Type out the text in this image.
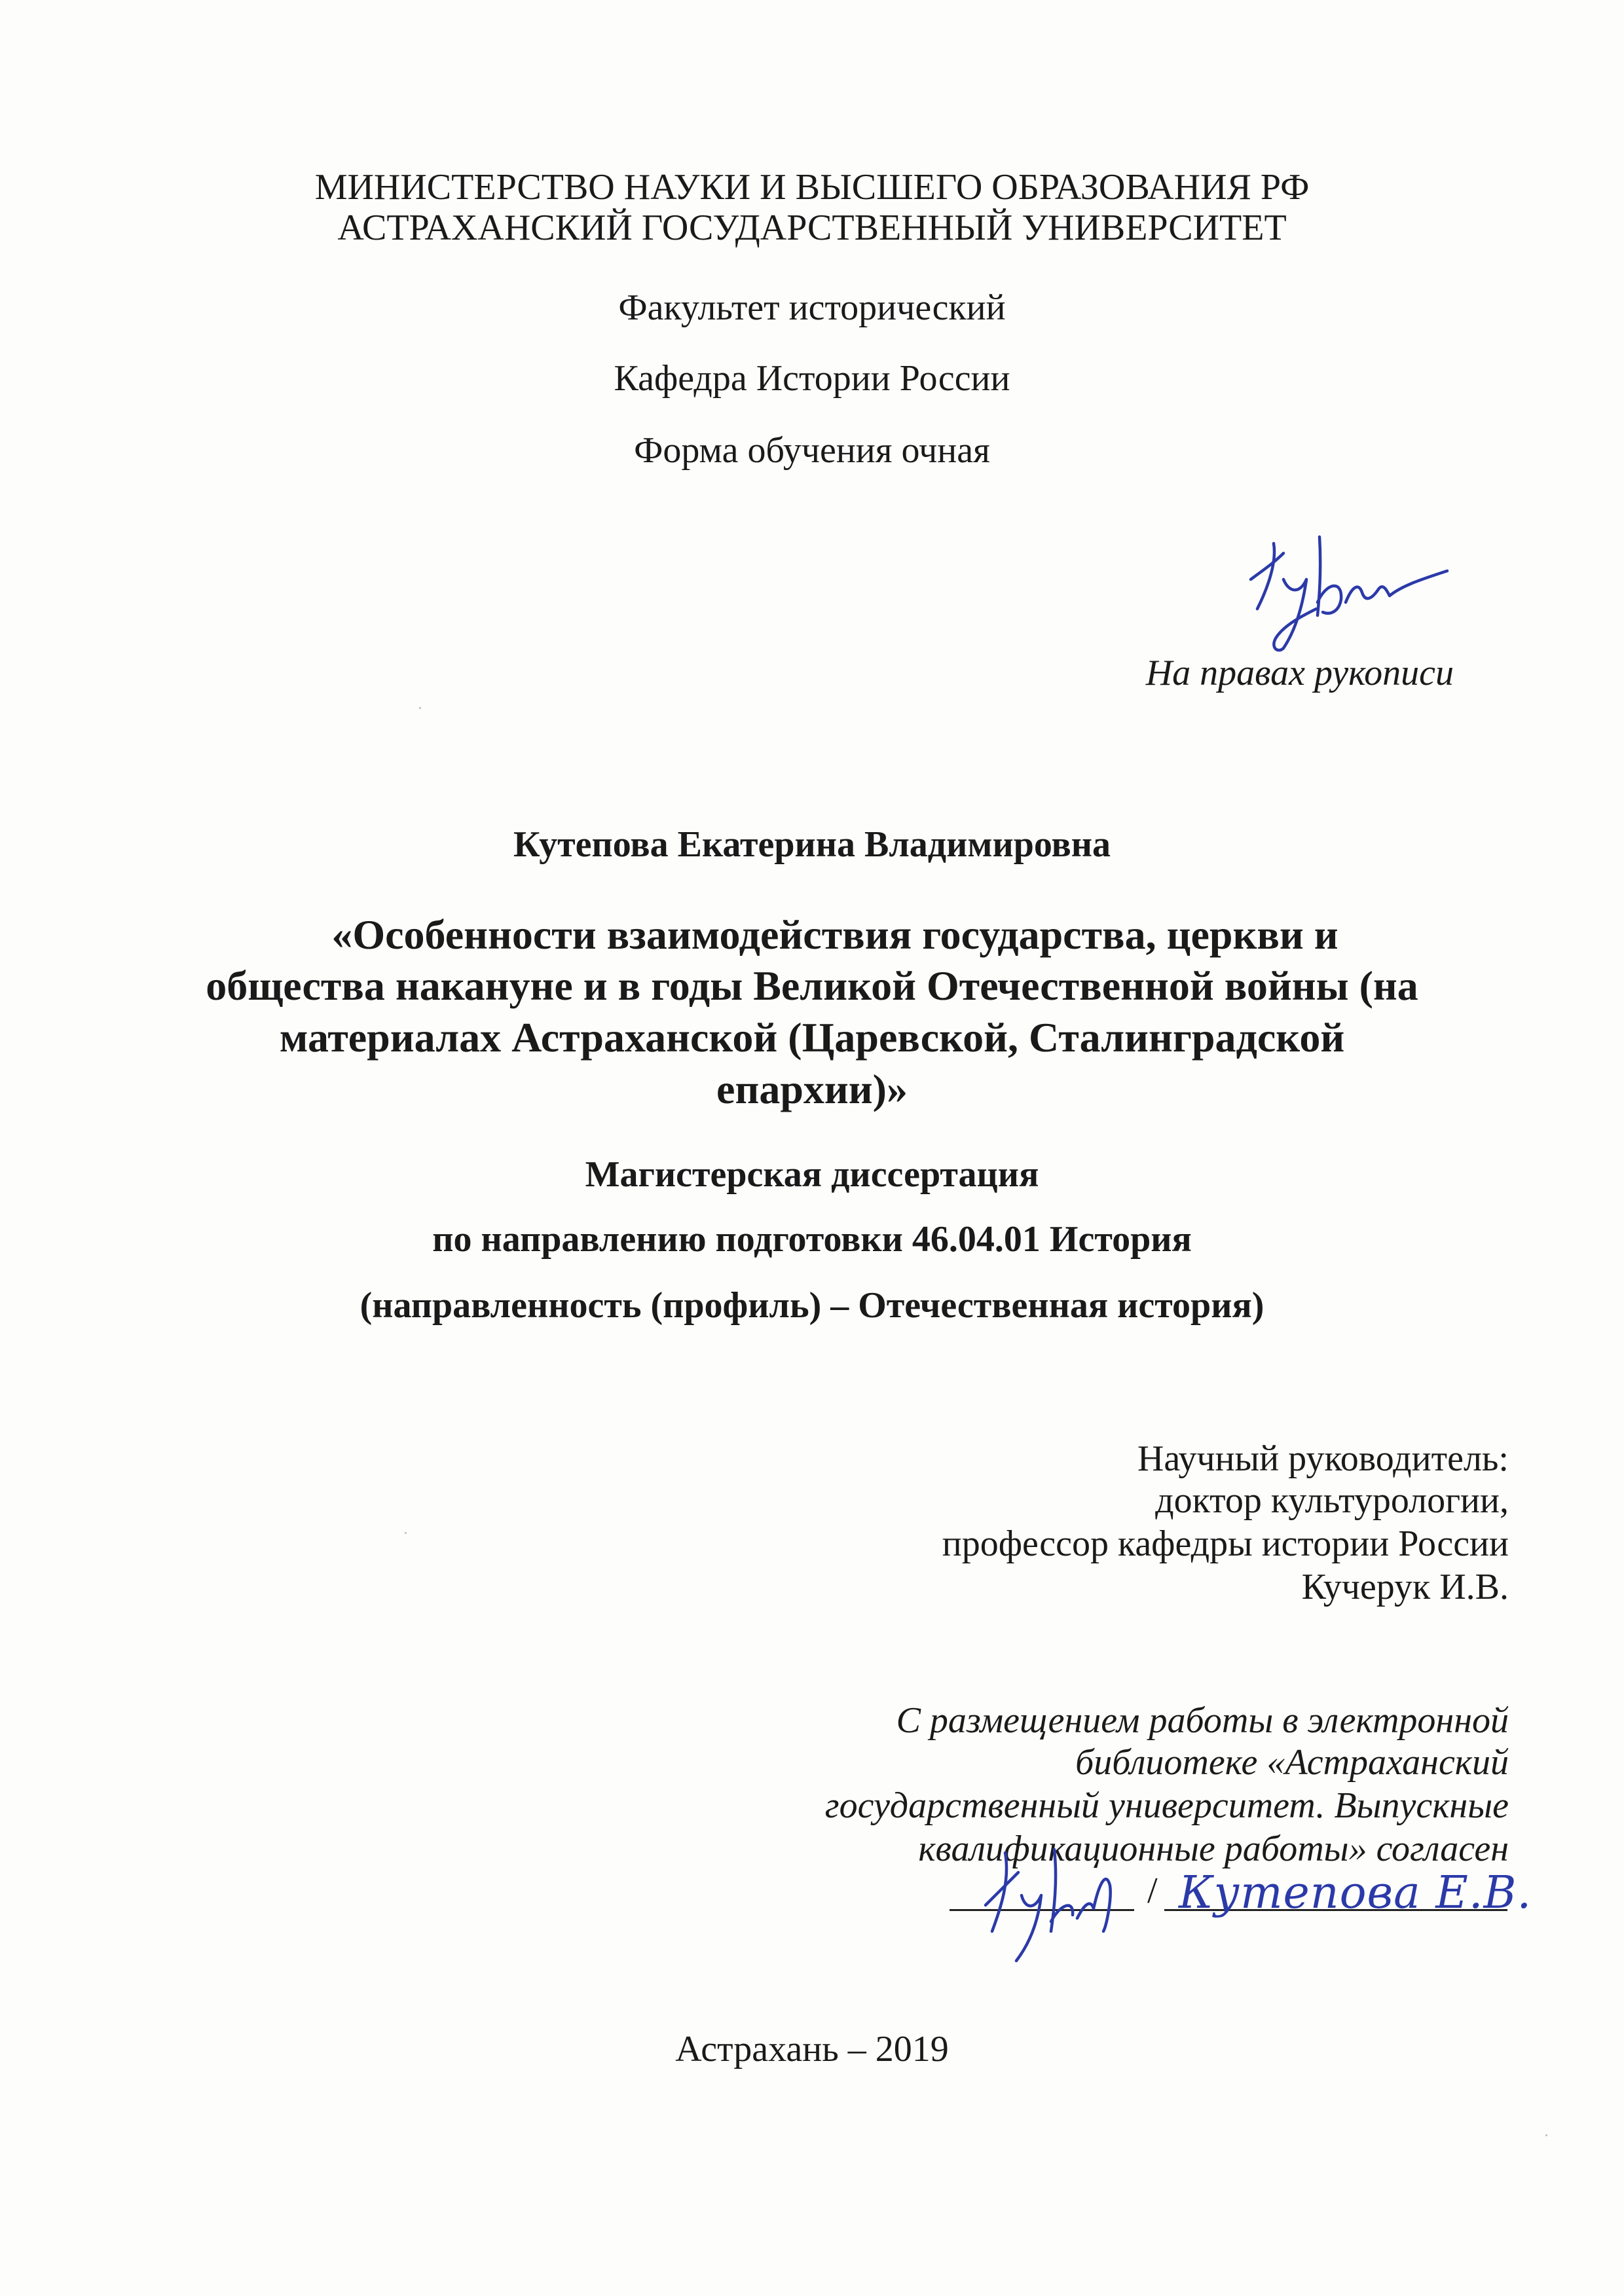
МИНИСТЕРСТВО НАУКИ И ВЫСШЕГО ОБРАЗОВАНИЯ РФ
АСТРАХАНСКИЙ ГОСУДАРСТВЕННЫЙ УНИВЕРСИТЕТ
Факультет исторический
Кафедра Истории России
Форма обучения очная
На правах рукописи
Кутепова Екатерина Владимировна
«Особенности взаимодействия государства, церкви и
общества накануне и в годы Великой Отечественной войны (на
материалах Астраханской (Царевской, Сталинградской
епархии)»
Магистерская диссертация
по направлению подготовки 46.04.01 История
(направленность (профиль) – Отечественная история)
Научный руководитель:
доктор культурологии,
профессор кафедры истории России
Кучерук И.В.
С размещением работы в электронной
библиотеке «Астраханский
государственный университет. Выпускные
квалификационные работы» согласен
/ Кутепова Е.В.
Астрахань – 2019
